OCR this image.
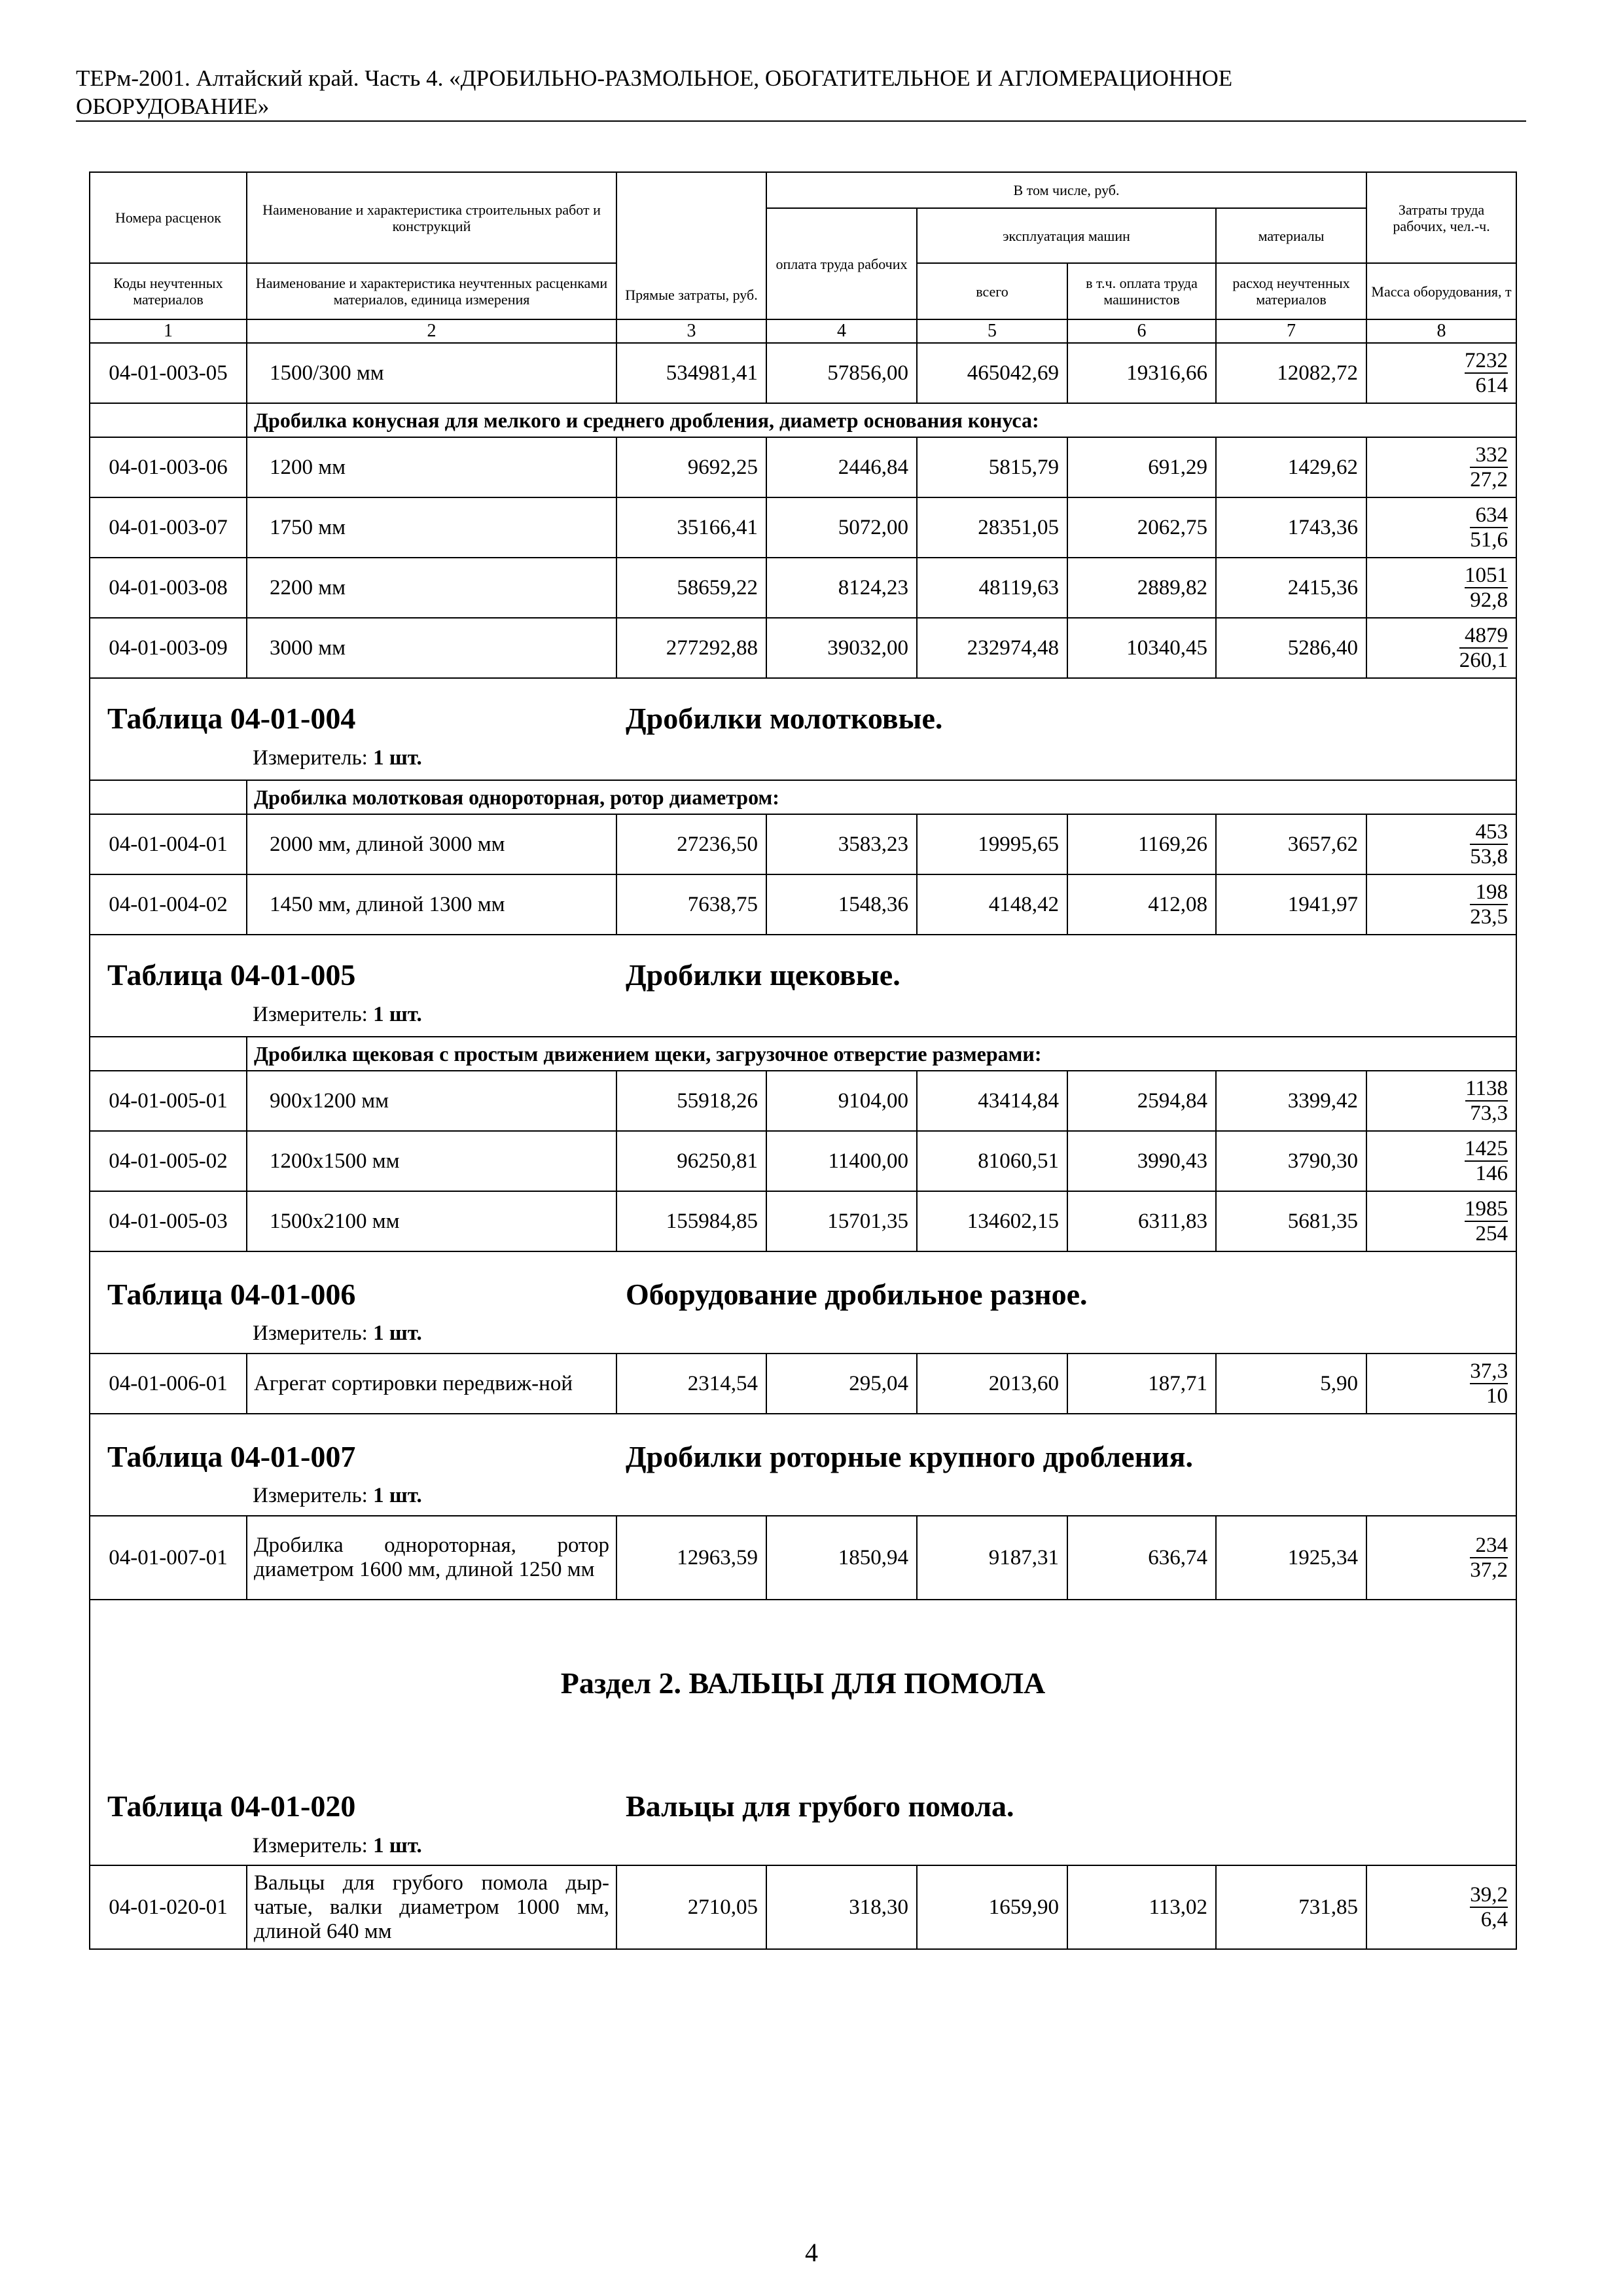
ТЕРм-2001. Алтайский край. Часть 4. «ДРОБИЛЬНО-РАЗМОЛЬНОЕ, ОБОГАТИТЕЛЬНОЕ И АГЛОМЕРАЦИОННОЕ
ОБОРУДОВАНИЕ»
Номера расценок	Наименование и характеристика строительных работ и конструкций	Прямые затраты, руб.	В том числе, руб.				Затраты труда рабочих, чел.-ч.
			оплата труда рабочих	эксплуатация машин		материалы	
Коды неучтенных материалов	Наименование и характеристика неучтенных расценками материалов, единица измерения			всего	в т.ч. оплата труда машинистов	расход неучтенных материалов	Масса оборудования, т
1	2	3	4	5	6	7	8
04-01-003-05	1500/300 мм	534981,41	57856,00	465042,69	19316,66	12082,72	$\frac{7232}{614}$

	Дробилка конусная для мелкого и среднего дробления, диаметр основания конуса:						
04-01-003-06	1200 мм	9692,25	2446,84	5815,79	691,29	1429,62	$\frac{332}{27,2}$

04-01-003-07	1750 мм	35166,41	5072,00	28351,05	2062,75	1743,36	$\frac{634}{51,6}$

04-01-003-08	2200 мм	58659,22	8124,23	48119,63	2889,82	2415,36	$\frac{1051}{92,8}$

04-01-003-09	3000 мм	277292,88	39032,00	232974,48	10340,45	5286,40	$\frac{4879}{260,1}$

Таблица 04-01-004 Дробилки молотковые.
Измеритель: 1 шт.							

	Дробилка молотковая однороторная, ротор диаметром:						
04-01-004-01	2000 мм, длиной 3000 мм	27236,50	3583,23	19995,65	1169,26	3657,62	$\frac{453}{53,8}$

04-01-004-02	1450 мм, длиной 1300 мм	7638,75	1548,36	4148,42	412,08	1941,97	$\frac{198}{23,5}$

Таблица 04-01-005 Дробилки щековые.
Измеритель: 1 шт.							

	Дробилка щековая с простым движением щеки, загрузочное отверстие размерами:						
04-01-005-01	900x1200 мм	55918,26	9104,00	43414,84	2594,84	3399,42	$\frac{1138}{73,3}$

04-01-005-02	1200x1500 мм	96250,81	11400,00	81060,51	3990,43	3790,30	$\frac{1425}{146}$

04-01-005-03	1500x2100 мм	155984,85	15701,35	134602,15	6311,83	5681,35	$\frac{1985}{254}$

Таблица 04-01-006 Оборудование дробильное разное.
Измеритель: 1 шт.							

04-01-006-01	Агрегат сортировки передвиж-ной	2314,54	295,04	2013,60	187,71	5,90	$\frac{37,3}{10}$

Таблица 04-01-007 Дробилки роторные крупного дробления.
Измеритель: 1 шт.							

04-01-007-01	Дробилка однороторная, ротор диаметром 1600 мм, длиной 1250 мм	12963,59	1850,94	9187,31	636,74	1925,34	$\frac{234}{37,2}$

Раздел 2. ВАЛЬЦЫ ДЛЯ ПОМОЛА
Таблица 04-01-020 Вальцы для грубого помола.
Измеритель: 1 шт.							

04-01-020-01	Вальцы для грубого помола дыр-чатые, валки диаметром 1000 мм, длиной 640 мм	2710,05	318,30	1659,90	113,02	731,85	$\frac{39,2}{6,4}$
4
